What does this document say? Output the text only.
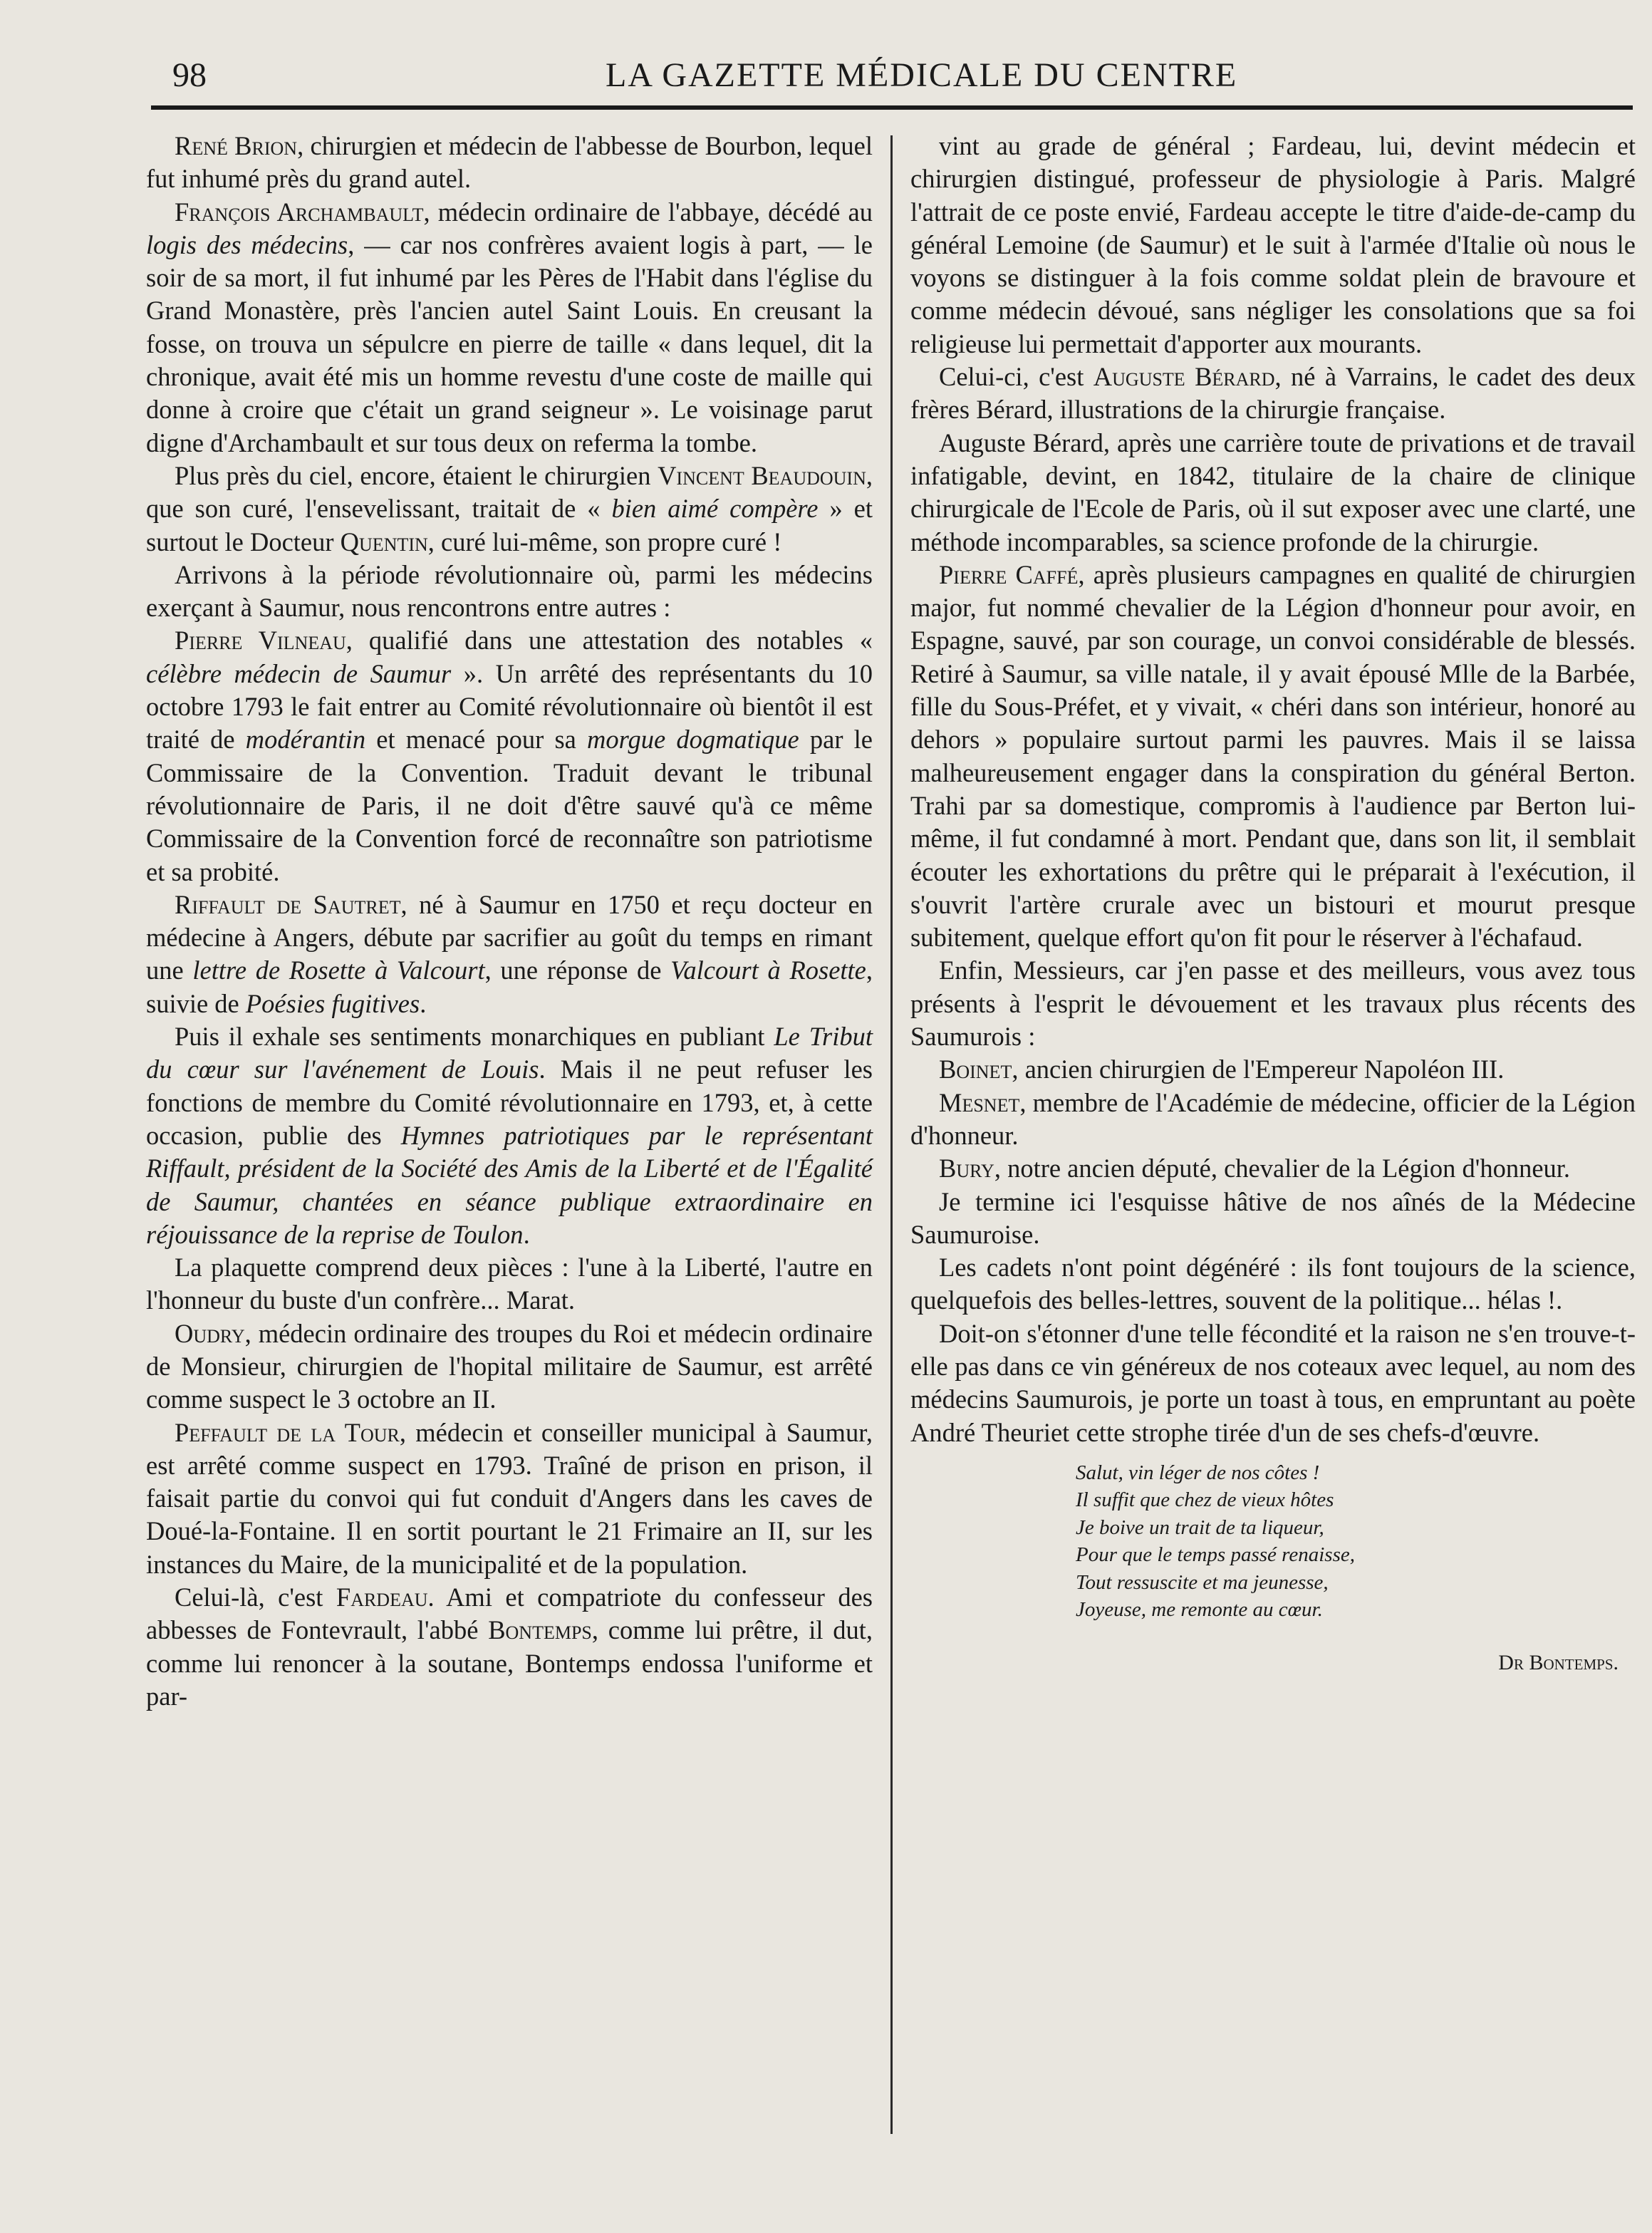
98	LA GAZETTE MÉDICALE DU CENTRE

René Brion, chirurgien et médecin de l'abbesse de Bourbon, lequel fut inhumé près du grand autel.

François Archambault, médecin ordinaire de l'abbaye, décédé au logis des médecins, — car nos confrères avaient logis à part, — le soir de sa mort, il fut inhumé par les Pères de l'Habit dans l'église du Grand Monastère, près l'ancien autel Saint Louis. En creusant la fosse, on trouva un sépulcre en pierre de taille « dans lequel, dit la chronique, avait été mis un homme revestu d'une coste de maille qui donne à croire que c'était un grand seigneur ». Le voisinage parut digne d'Archambault et sur tous deux on referma la tombe.

Plus près du ciel, encore, étaient le chirurgien Vincent Beaudouin, que son curé, l'ensevelissant, traitait de « bien aimé compère » et surtout le Docteur Quentin, curé lui-même, son propre curé !

Arrivons à la période révolutionnaire où, parmi les médecins exerçant à Saumur, nous rencontrons entre autres :

Pierre Vilneau, qualifié dans une attestation des notables « célèbre médecin de Saumur ». Un arrêté des représentants du 10 octobre 1793 le fait entrer au Comité révolutionnaire où bientôt il est traité de modérantin et menacé pour sa morgue dogmatique par le Commissaire de la Convention. Traduit devant le tribunal révolutionnaire de Paris, il ne doit d'être sauvé qu'à ce même Commissaire de la Convention forcé de reconnaître son patriotisme et sa probité.

Riffault de Sautret, né à Saumur en 1750 et reçu docteur en médecine à Angers, débute par sacrifier au goût du temps en rimant une lettre de Rosette à Valcourt, une réponse de Valcourt à Rosette, suivie de Poésies fugitives.

Puis il exhale ses sentiments monarchiques en publiant Le Tribut du cœur sur l'avénement de Louis. Mais il ne peut refuser les fonctions de membre du Comité révolutionnaire en 1793, et, à cette occasion, publie des Hymnes patriotiques par le représentant Riffault, président de la Société des Amis de la Liberté et de l'Égalité de Saumur, chantées en séance publique extraordinaire en réjouissance de la reprise de Toulon.

La plaquette comprend deux pièces : l'une à la Liberté, l'autre en l'honneur du buste d'un confrère... Marat.

Oudry, médecin ordinaire des troupes du Roi et médecin ordinaire de Monsieur, chirurgien de l'hopital militaire de Saumur, est arrêté comme suspect le 3 octobre an II.

Peffault de la Tour, médecin et conseiller municipal à Saumur, est arrêté comme suspect en 1793. Traîné de prison en prison, il faisait partie du convoi qui fut conduit d'Angers dans les caves de Doué-la-Fontaine. Il en sortit pourtant le 21 Frimaire an II, sur les instances du Maire, de la municipalité et de la population.

Celui-là, c'est Fardeau. Ami et compatriote du confesseur des abbesses de Fontevrault, l'abbé Bontemps, comme lui prêtre, il dut, comme lui renoncer à la soutane, Bontemps endossa l'uniforme et par-

vint au grade de général ; Fardeau, lui, devint médecin et chirurgien distingué, professeur de physiologie à Paris. Malgré l'attrait de ce poste envié, Fardeau accepte le titre d'aide-de-camp du général Lemoine (de Saumur) et le suit à l'armée d'Italie où nous le voyons se distinguer à la fois comme soldat plein de bravoure et comme médecin dévoué, sans négliger les consolations que sa foi religieuse lui permettait d'apporter aux mourants.

Celui-ci, c'est Auguste Bérard, né à Varrains, le cadet des deux frères Bérard, illustrations de la chirurgie française.

Auguste Bérard, après une carrière toute de privations et de travail infatigable, devint, en 1842, titulaire de la chaire de clinique chirurgicale de l'Ecole de Paris, où il sut exposer avec une clarté, une méthode incomparables, sa science profonde de la chirurgie.

Pierre Caffé, après plusieurs campagnes en qualité de chirurgien major, fut nommé chevalier de la Légion d'honneur pour avoir, en Espagne, sauvé, par son courage, un convoi considérable de blessés. Retiré à Saumur, sa ville natale, il y avait épousé Mlle de la Barbée, fille du Sous-Préfet, et y vivait, « chéri dans son intérieur, honoré au dehors » populaire surtout parmi les pauvres. Mais il se laissa malheureusement engager dans la conspiration du général Berton. Trahi par sa domestique, compromis à l'audience par Berton lui-même, il fut condamné à mort. Pendant que, dans son lit, il semblait écouter les exhortations du prêtre qui le préparait à l'exécution, il s'ouvrit l'artère crurale avec un bistouri et mourut presque subitement, quelque effort qu'on fit pour le réserver à l'échafaud.

Enfin, Messieurs, car j'en passe et des meilleurs, vous avez tous présents à l'esprit le dévouement et les travaux plus récents des Saumurois :

Boinet, ancien chirurgien de l'Empereur Napoléon III.

Mesnet, membre de l'Académie de médecine, officier de la Légion d'honneur.

Bury, notre ancien député, chevalier de la Légion d'honneur.

Je termine ici l'esquisse hâtive de nos aînés de la Médecine Saumuroise.

Les cadets n'ont point dégénéré : ils font toujours de la science, quelquefois des belles-lettres, souvent de la politique... hélas !.

Doit-on s'étonner d'une telle fécondité et la raison ne s'en trouve-t-elle pas dans ce vin généreux de nos coteaux avec lequel, au nom des médecins Saumurois, je porte un toast à tous, en empruntant au poète André Theuriet cette strophe tirée d'un de ses chefs-d'œuvre.

Salut, vin léger de nos côtes !
Il suffit que chez de vieux hôtes
Je boive un trait de ta liqueur,
Pour que le temps passé renaisse,
Tout ressuscite et ma jeunesse,
Joyeuse, me remonte au cœur.
Dr Bontemps.
